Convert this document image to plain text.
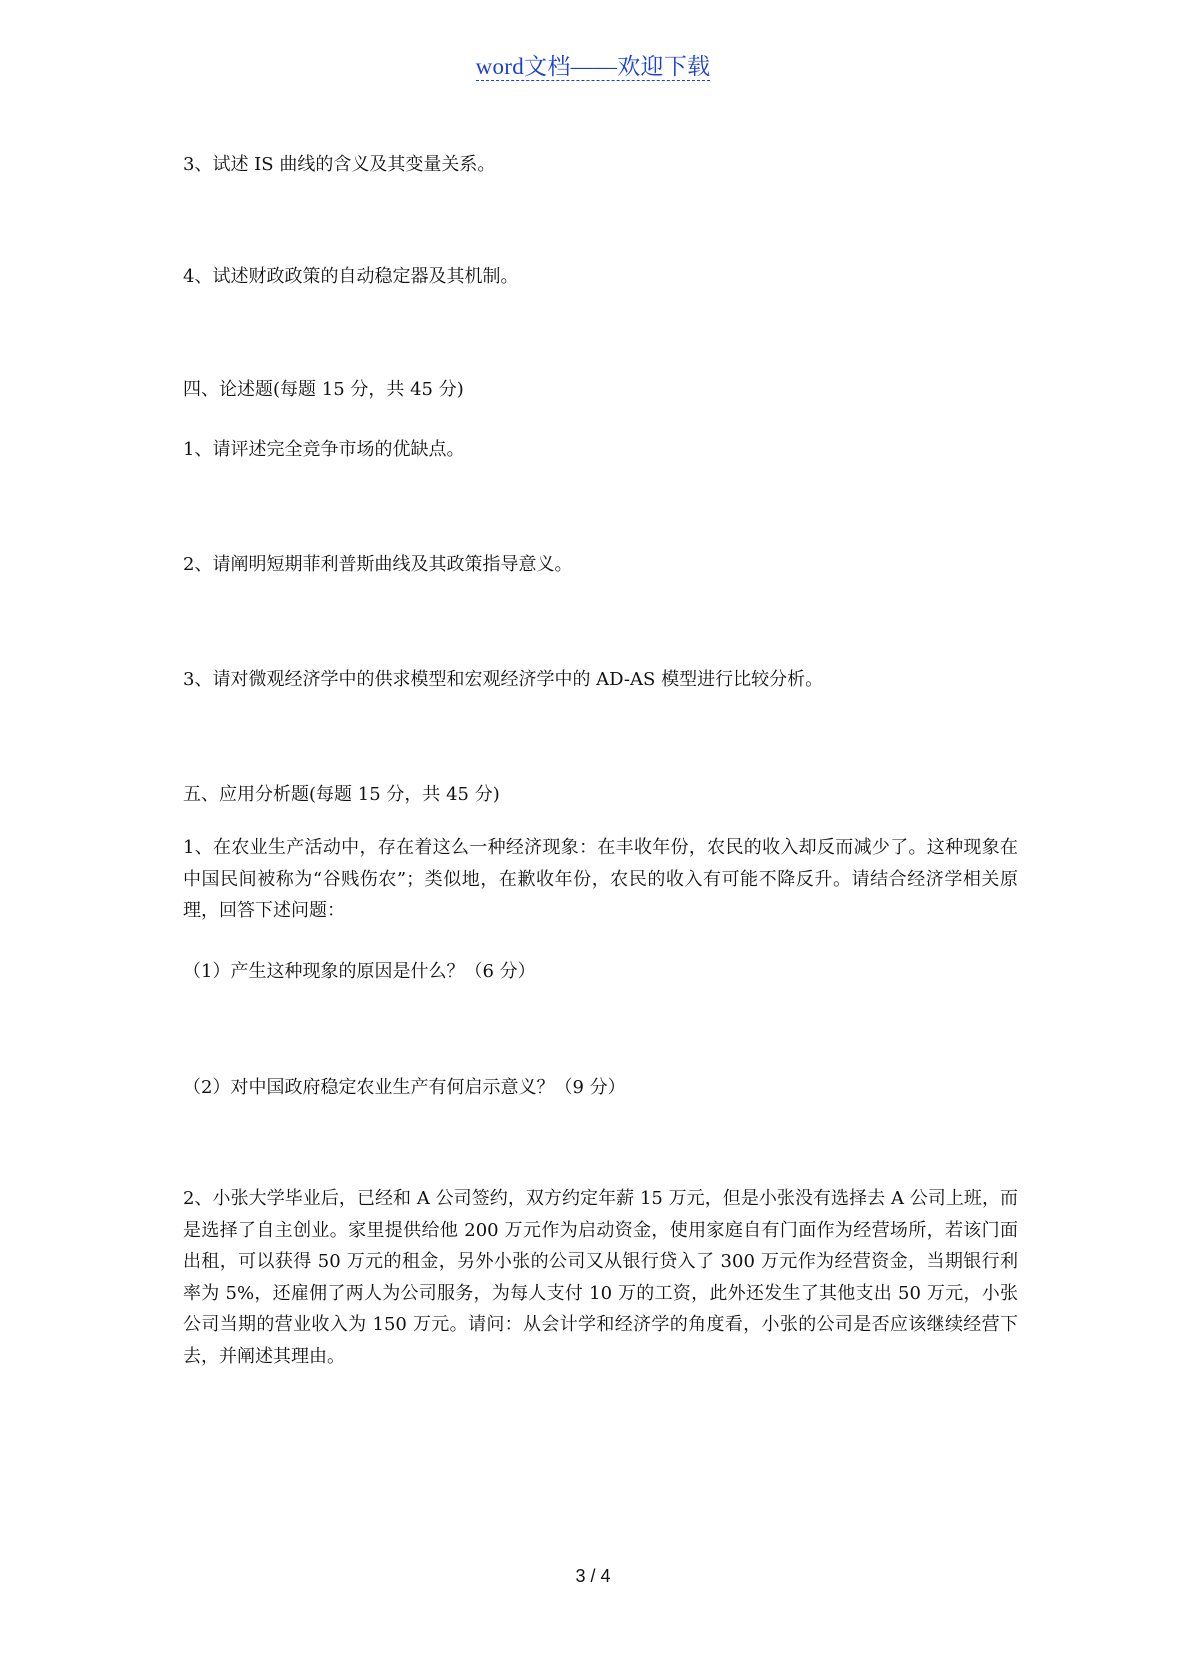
word文档——欢迎下载
3、试述 IS 曲线的含义及其变量关系。
4、试述财政政策的自动稳定器及其机制。
四、论述题(每题 15 分，共 45 分)
1、请评述完全竞争市场的优缺点。
2、请阐明短期菲利普斯曲线及其政策指导意义。
3、请对微观经济学中的供求模型和宏观经济学中的 AD-AS 模型进行比较分析。
五、应用分析题(每题 15 分，共 45 分)
1、在农业生产活动中，存在着这么一种经济现象：在丰收年份，农民的收入却反而减少了。这种现象在中国民间被称为“谷贱伤农”；类似地，在歉收年份，农民的收入有可能不降反升。请结合经济学相关原理，回答下述问题：
（1）产生这种现象的原因是什么？（6 分）
（2）对中国政府稳定农业生产有何启示意义？（9 分）
2、小张大学毕业后，已经和 A 公司签约，双方约定年薪 15 万元，但是小张没有选择去 A 公司上班，而是选择了自主创业。家里提供给他 200 万元作为启动资金，使用家庭自有门面作为经营场所，若该门面出租，可以获得 50 万元的租金，另外小张的公司又从银行贷入了 300 万元作为经营资金，当期银行利率为 5%，还雇佣了两人为公司服务，为每人支付 10 万的工资，此外还发生了其他支出 50 万元，小张公司当期的营业收入为 150 万元。请问：从会计学和经济学的角度看，小张的公司是否应该继续经营下去，并阐述其理由。
3 / 4
